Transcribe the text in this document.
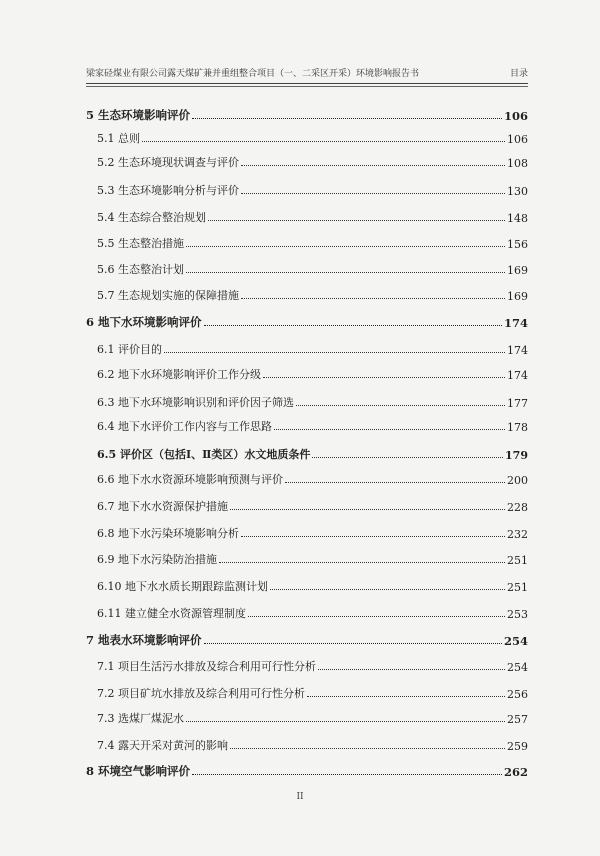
梁家硁煤业有限公司露天煤矿兼并重组整合项目（一、二采区开采）环境影响报告书	目录
5 生态环境影响评价	106
5.1 总则	106
5.2 生态环境现状调查与评价	108
5.3 生态环境影响分析与评价	130
5.4 生态综合整治规划	148
5.5 生态整治措施	156
5.6 生态整治计划	169
5.7 生态规划实施的保障措施	169
6 地下水环境影响评价	174
6.1 评价目的	174
6.2 地下水环境影响评价工作分级	174
6.3 地下水环境影响识别和评价因子筛选	177
6.4 地下水评价工作内容与工作思路	178
6.5 评价区（包括Ⅰ、Ⅱ类区）水文地质条件	179
6.6 地下水水资源环境影响预测与评价	200
6.7 地下水水资源保护措施	228
6.8 地下水污染环境影响分析	232
6.9 地下水污染防治措施	251
6.10 地下水水质长期跟踪监测计划	251
6.11 建立健全水资源管理制度	253
7 地表水环境影响评价	254
7.1 项目生活污水排放及综合利用可行性分析	254
7.2 项目矿坑水排放及综合利用可行性分析	256
7.3 选煤厂煤泥水	257
7.4 露天开采对黄河的影响	259
8 环境空气影响评价	262
II
